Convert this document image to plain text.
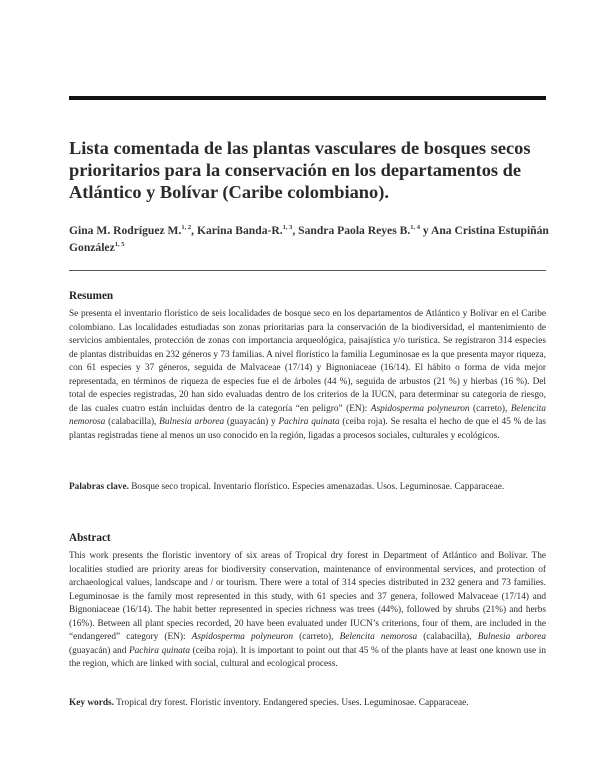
Lista comentada de las plantas vasculares de bosques secos prioritarios para la conservación en los departamentos de Atlántico y Bolívar (Caribe colombiano).

Gina M. Rodríguez M.$^{1, 2}$, Karina Banda-R.$^{1, 3}$, Sandra Paola Reyes B.$^{1, 4}$ y Ana Cristina Estupiñán González$^{1, 5}$

Resumen

Se presenta el inventario florístico de seis localidades de bosque seco en los departamentos de Atlántico y Bolívar en el Caribe colombiano. Las localidades estudiadas son zonas prioritarias para la conservación de la biodiversidad, el mantenimiento de servicios ambientales, protección de zonas con importancia arqueológica, paisajística y/o turística. Se registraron 314 especies de plantas distribuidas en 232 géneros y 73 familias. A nivel florístico la familia Leguminosae es la que presenta mayor riqueza, con 61 especies y 37 géneros, seguida de Malvaceae (17/14) y Bignoniaceae (16/14). El hábito o forma de vida mejor representada, en términos de riqueza de especies fue el de árboles (44 %), seguida de arbustos (21 %) y hierbas (16 %). Del total de especies registradas, 20 han sido evaluadas dentro de los criterios de la IUCN, para determinar su categoría de riesgo, de las cuales cuatro están incluidas dentro de la categoría “en peligro” (EN): Aspidosperma polyneuron (carreto), Belencita nemorosa (calabacilla), Bulnesia arborea (guayacán) y Pachira quinata (ceiba roja). Se resalta el hecho de que el 45 % de las plantas registradas tiene al menos un uso conocido en la región, ligadas a procesos sociales, culturales y ecológicos.

Palabras clave. Bosque seco tropical. Inventario florístico. Especies amenazadas. Usos. Leguminosae. Capparaceae.

Abstract

This work presents the floristic inventory of six areas of Tropical dry forest in Department of Atlántico and Bolívar. The localities studied are priority areas for biodiversity conservation, maintenance of environmental services, and protection of archaeological values, landscape and / or tourism. There were a total of 314 species distributed in 232 genera and 73 families. Leguminosae is the family most represented in this study, with 61 species and 37 genera, followed Malvaceae (17/14) and Bignoniaceae (16/14). The habit better represented in species richness was trees (44%), followed by shrubs (21%) and herbs (16%). Between all plant species recorded, 20 have been evaluated under IUCN’s criterions, four of them, are included in the “endangered” category (EN): Aspidosperma polyneuron (carreto), Belencita nemorosa (calabacilla), Bulnesia arborea (guayacán) and Pachira quinata (ceiba roja). It is important to point out that 45 % of the plants have at least one known use in the region, which are linked with social, cultural and ecological process.

Key words. Tropical dry forest. Floristic inventory. Endangered species. Uses. Leguminosae. Capparaceae.
